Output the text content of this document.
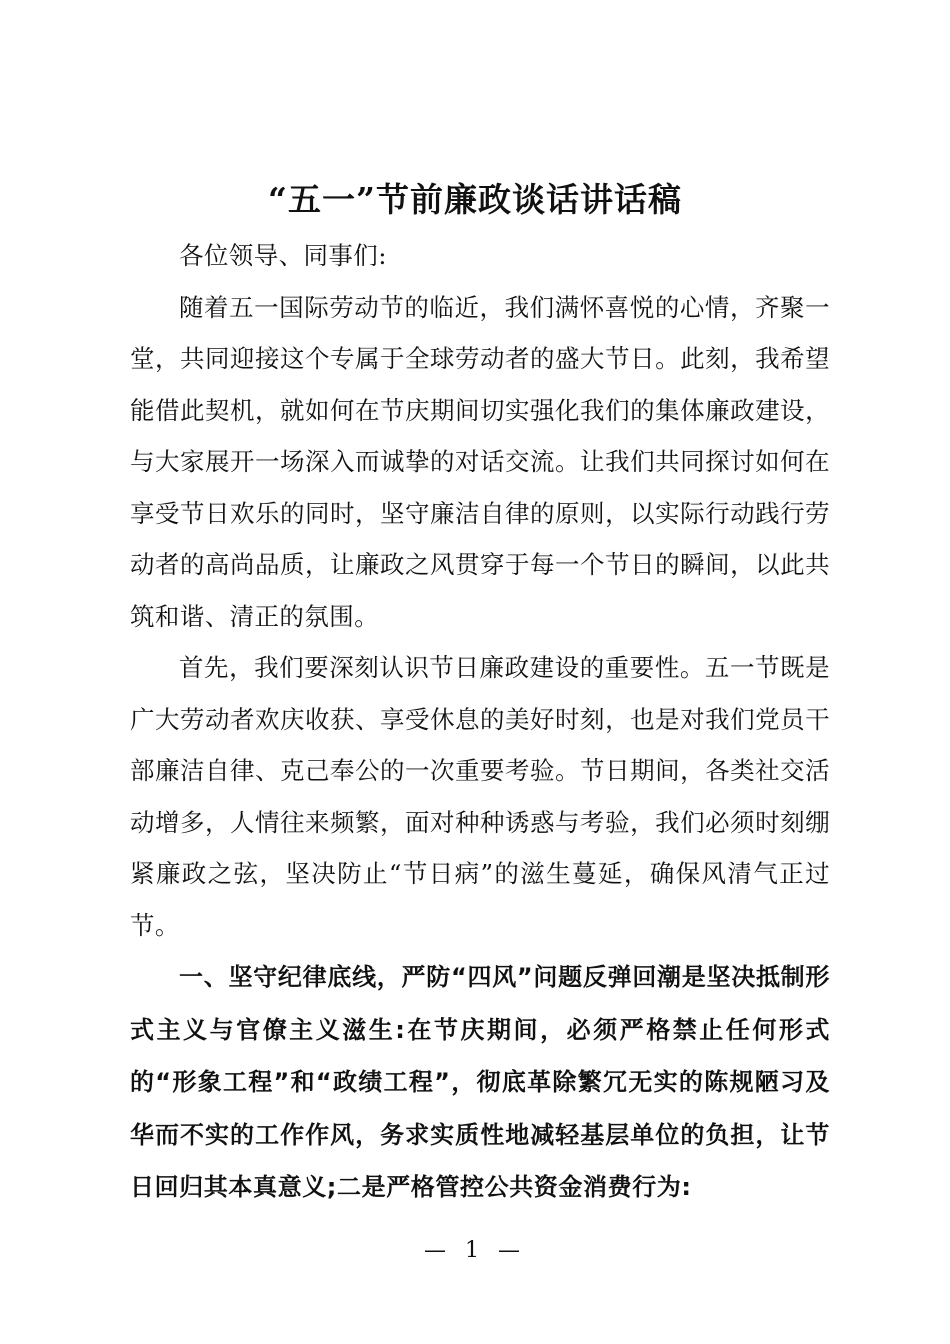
“五一”节前廉政谈话讲话稿

各位领导、同事们:

随着五一国际劳动节的临近，我们满怀喜悦的心情，齐聚一堂，共同迎接这个专属于全球劳动者的盛大节日。此刻，我希望能借此契机，就如何在节庆期间切实强化我们的集体廉政建设，与大家展开一场深入而诚挚的对话交流。让我们共同探讨如何在享受节日欢乐的同时，坚守廉洁自律的原则，以实际行动践行劳动者的高尚品质，让廉政之风贯穿于每一个节日的瞬间，以此共筑和谐、清正的氛围。

首先，我们要深刻认识节日廉政建设的重要性。五一节既是广大劳动者欢庆收获、享受休息的美好时刻，也是对我们党员干部廉洁自律、克己奉公的一次重要考验。节日期间，各类社交活动增多，人情往来频繁，面对种种诱惑与考验，我们必须时刻绷紧廉政之弦，坚决防止“节日病”的滋生蔓延，确保风清气正过节。

一、坚守纪律底线，严防“四风”问题反弹回潮是坚决抵制形式主义与官僚主义滋生:在节庆期间，必须严格禁止任何形式的“形象工程”和“政绩工程”，彻底革除繁冗无实的陈规陋习及华而不实的工作作风，务求实质性地减轻基层单位的负担，让节日回归其本真意义;二是严格管控公共资金消费行为:

— 1 —
